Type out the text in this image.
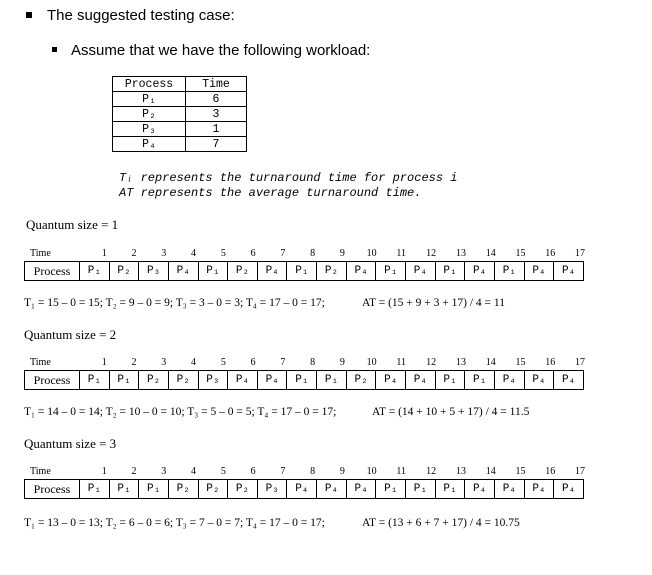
The suggested testing case:
Assume that we have the following workload:
Process	Time
P₁	6
P₂	3
P₃	1
P₄	7
Tᵢ represents the turnaround time for process i
AT represents the average turnaround time.
Quantum size = 1
Time	1 2 3 4 5 6 7 8 9 10 11 12 13 14 15 16 17
Process	P₁	P₂	P₃	P₄	P₁	P₂	P₄	P₁	P₂	P₄	P₁	P₄	P₁	P₄	P₁	P₄	P₄
T₁ = 15 – 0 = 15; T₂ = 9 – 0 = 9; T₃ = 3 – 0 = 3; T₄ = 17 – 0 = 17;	AT = (15 + 9 + 3 + 17) / 4 = 11
Quantum size = 2
Time	1 2 3 4 5 6 7 8 9 10 11 12 13 14 15 16 17
Process	P₁	P₁	P₂	P₂	P₃	P₄	P₄	P₁	P₁	P₂	P₄	P₄	P₁	P₁	P₄	P₄	P₄
T₁ = 14 – 0 = 14; T₂ = 10 – 0 = 10; T₃ = 5 – 0 = 5; T₄ = 17 – 0 = 17;	AT = (14 + 10 + 5 + 17) / 4 = 11.5
Quantum size = 3
Time	1 2 3 4 5 6 7 8 9 10 11 12 13 14 15 16 17
Process	P₁	P₁	P₁	P₂	P₂	P₂	P₃	P₄	P₄	P₄	P₁	P₁	P₁	P₄	P₄	P₄	P₄
T₁ = 13 – 0 = 13; T₂ = 6 – 0 = 6; T₃ = 7 – 0 = 7; T₄ = 17 – 0 = 17;	AT = (13 + 6 + 7 + 17) / 4 = 10.75
